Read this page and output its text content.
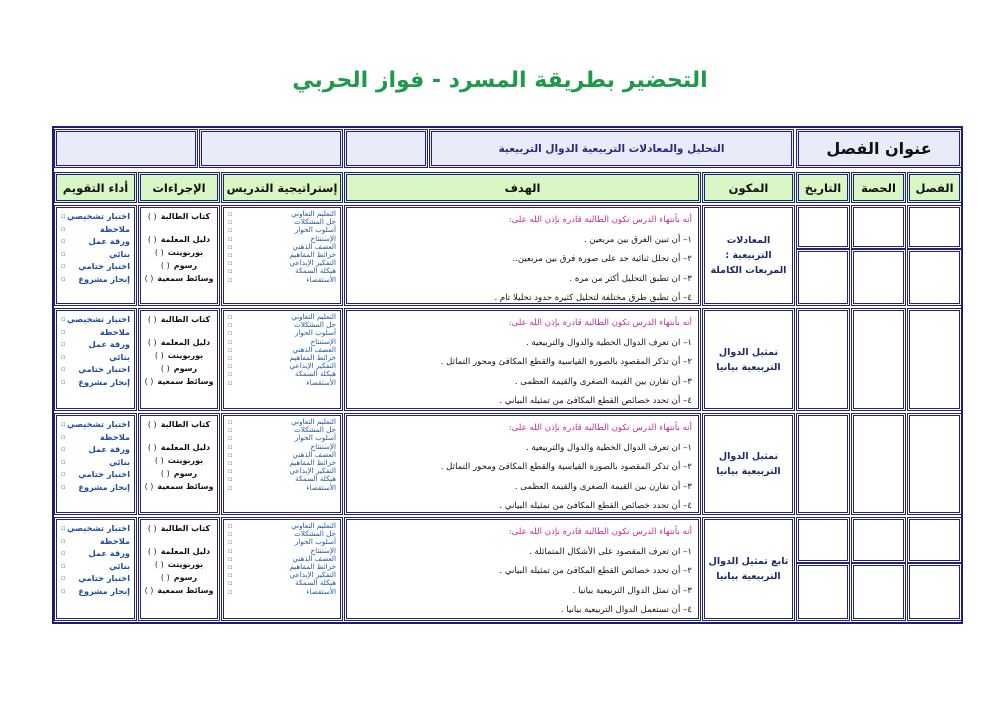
التحضير بطريقة المسرد - فواز الحربي
عنوان الفصل
التحليل والمعادلات التربيعية الدوال التربيعية
الفصل
الحصة
التاريخ
المكون
الهدف
إستراتيجية التدريس
الإجراءات
أداء التقويم
المعادلات التربيعية : المربعات الكاملة
أنه بأنتهاء الدرس تكون الطالبة قادرة بإذن الله على:
١– أن تبين الفرق بين مربعين .
٢– أن تحلل ثنائية حد على صورة فرق بين مربعين..
٣– ان تطبق التحليل أكثر من مرة .
٤– أن تطبق طرق مختلفة لتحليل كثيرة حدود تحليلا تام .
التعليم التعاوني
▫
حل المشكلات
▫
أسلوب الحوار
▫
الإستنتاج
▫
العصف الذهني
▫
خرائط المفاهيم
▫
التفكير الإبداعي
▫
هيكلة السمكة
▫
الأستقصاء
▫
كتاب الطالبة( )
دليل المعلمة( )
بوربوينت( )
رسوم( )
وسائط سمعية( )
اختبار تشخيصي
▫
ملاحظة
▫
ورقة عمل
▫
بنائي
▫
اختبار ختامي
▫
إنجاز مشروع
▫
تمثيل الدوال التربيعية بيانيا
أنه بأنتهاء الدرس تكون الطالبة قادرة بإذن الله على:
١– ان تعرف الدوال الخطية والدوال والتربيعية .
٢– أن تذكر المقصود بالصورة القياسية والقطع المكافئ ومحور التماثل .
٣– أن تقارن بين القيمة الصغرى والقيمة العظمى .
٤– أن تحدد خصائص القطع المكافئ من تمثيله البياني .
التعليم التعاوني
▫
حل المشكلات
▫
أسلوب الحوار
▫
الإستنتاج
▫
العصف الذهني
▫
خرائط المفاهيم
▫
التفكير الإبداعي
▫
هيكلة السمكة
▫
الأستقصاء
▫
كتاب الطالبة( )
دليل المعلمة( )
بوربوينت( )
رسوم( )
وسائط سمعية( )
اختبار تشخيصي
▫
ملاحظة
▫
ورقة عمل
▫
بنائي
▫
اختبار ختامي
▫
إنجاز مشروع
▫
تمثيل الدوال التربيعية بيانيا
أنه بأنتهاء الدرس تكون الطالبة قادرة بإذن الله على:
١– ان تعرف الدوال الخطية والدوال والتربيعية .
٢– أن تذكر المقصود بالصورة القياسية والقطع المكافئ ومحور التماثل .
٣– أن تقارن بين القيمة الصغرى والقيمة العظمى .
٤– أن تحدد خصائص القطع المكافئ من تمثيله البياني .
التعليم التعاوني
▫
حل المشكلات
▫
أسلوب الحوار
▫
الإستنتاج
▫
العصف الذهني
▫
خرائط المفاهيم
▫
التفكير الإبداعي
▫
هيكلة السمكة
▫
الأستقصاء
▫
كتاب الطالبة( )
دليل المعلمة( )
بوربوينت( )
رسوم( )
وسائط سمعية( )
اختبار تشخيصي
▫
ملاحظة
▫
ورقة عمل
▫
بنائي
▫
اختبار ختامي
▫
إنجاز مشروع
▫
تابع تمثيل الدوال التربيعية بيانيا
أنه بأنتهاء الدرس تكون الطالبة قادرة بإذن الله على:
١– ان تعرف المقصود على الأشكال المتماثلة .
٢– أن تحدد خصائص القطع المكافئ من تمثيله البياني .
٣– أن تمثل الدوال التربيعية بيانيا .
٤– أن تستعمل الدوال التربيعية بيانيا .
التعليم التعاوني
▫
حل المشكلات
▫
أسلوب الحوار
▫
الإستنتاج
▫
العصف الذهني
▫
خرائط المفاهيم
▫
التفكير الإبداعي
▫
هيكلة السمكة
▫
الأستقصاء
▫
كتاب الطالبة( )
دليل المعلمة( )
بوربوينت( )
رسوم( )
وسائط سمعية( )
اختبار تشخيصي
▫
ملاحظة
▫
ورقة عمل
▫
بنائي
▫
اختبار ختامي
▫
إنجاز مشروع
▫
